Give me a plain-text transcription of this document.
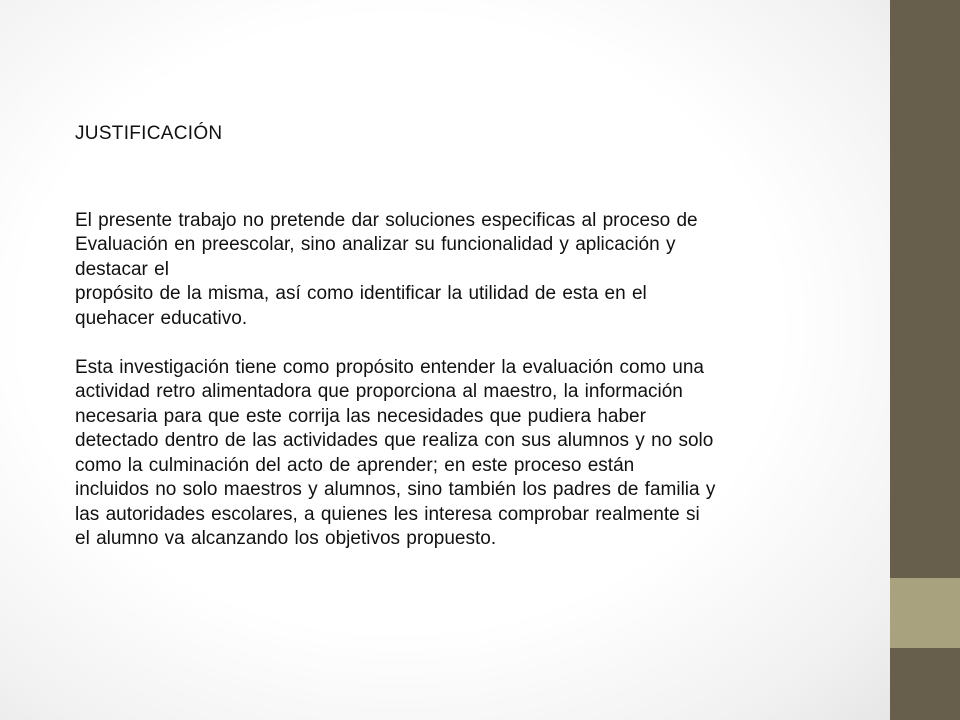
JUSTIFICACIÓN
El presente trabajo no pretende dar soluciones especificas al proceso de
Evaluación en preescolar, sino analizar su funcionalidad y aplicación y
destacar el
propósito de la misma, así como identificar la utilidad de esta en el
quehacer educativo.
Esta investigación tiene como propósito entender la evaluación como una
actividad retro alimentadora que proporciona al maestro, la información
necesaria para que este corrija las necesidades que pudiera haber
detectado dentro de las actividades que realiza con sus alumnos y no solo
como la culminación del acto de aprender; en este proceso están
incluidos no solo maestros y alumnos, sino también los padres de familia y
las autoridades escolares, a quienes les interesa comprobar realmente si
el alumno va alcanzando los objetivos propuesto.
